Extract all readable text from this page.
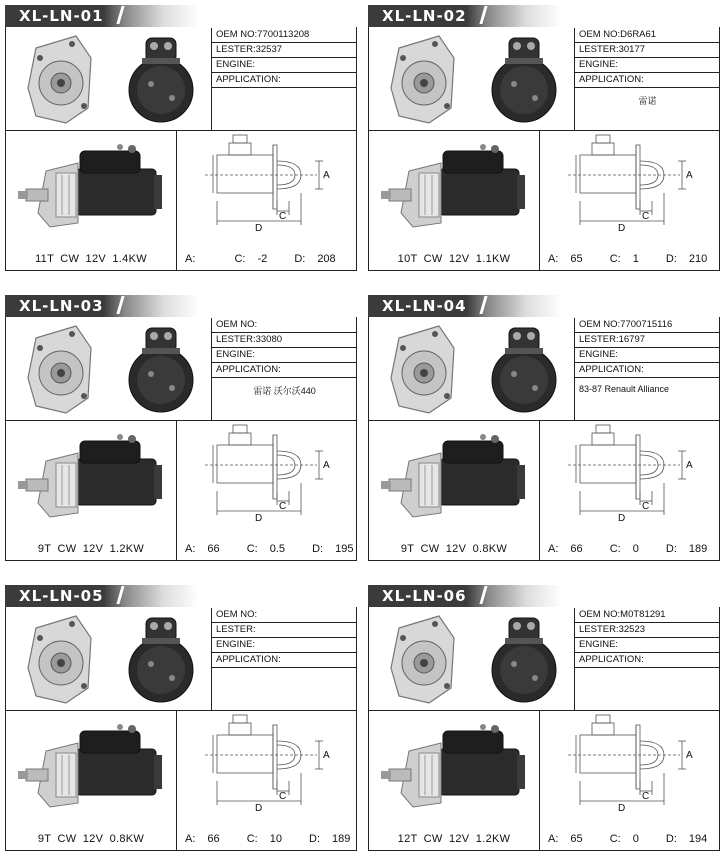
XL-LN-01
OEM NO:7700113208
LESTER:32537
ENGINE:
APPLICATION:
11T CW 12V 1.4KW
A
C
D
A:	C: -2 D: 208
XL-LN-02
OEM NO:D6RA61
LESTER:30177
ENGINE:
APPLICATION:
雷诺
10T CW 12V 1.1KW
A
C
D
A: 65 C: 1 D: 210
XL-LN-03
OEM NO:
LESTER:33080
ENGINE:
APPLICATION:
雷诺 沃尔沃440
9T CW 12V 1.2KW
A
C
D
A: 66 C: 0.5 D: 195
XL-LN-04
OEM NO:7700715116
LESTER:16797
ENGINE:
APPLICATION:
83-87 Renault Alliance
9T CW 12V 0.8KW
A
C
D
A: 66 C: 0 D: 189
XL-LN-05
OEM NO:
LESTER:
ENGINE:
APPLICATION:
9T CW 12V 0.8KW
A
C
D
A: 66 C: 10 D: 189
XL-LN-06
OEM NO:M0T81291
LESTER:32523
ENGINE:
APPLICATION:
12T CW 12V 1.2KW
A
C
D
A: 65 C: 0 D: 194
